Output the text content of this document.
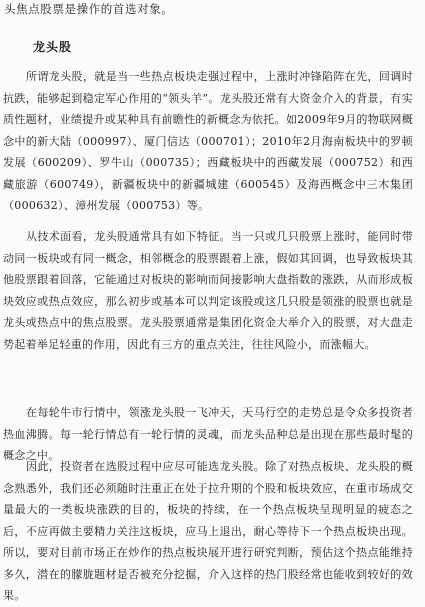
头焦点股票是操作的首选对象。
龙头股

所谓龙头股，就是当一些热点板块走强过程中，上涨时冲锋陷阵在先，回调时抗跌，能够起到稳定军心作用的“领头羊”。龙头股还常有大资金介入的背景，有实质性题材，业绩提升或某种具有前瞻性的新概念为依托。如2009年9月的物联网概念中的新大陆（000997）、厦门信达（000701）；2010年2月海南板块中的罗顿发展（600209）、罗牛山（000735）；西藏板块中的西藏发展（000752）和西藏旅游（600749），新疆板块中的新疆城建（600545）及海西概念中三木集团（000632）、漳州发展（000753）等。

从技术面看，龙头股通常具有如下特征。当一只或几只股票上涨时，能同时带动同一板块或有同一概念，相邻概念的股票跟着上涨，假如其回调，也导致板块其他股票跟着回落，它能通过对板块的影响而间接影响大盘指数的涨跌，从而形成板块效应或热点效应，那么初步或基本可以判定该股或这几只股是领涨的股票也就是龙头或热点中的焦点股票。龙头股票通常是集团化资金大举介入的股票，对大盘走势起着举足轻重的作用，因此有三方的重点关注，往往风险小，而涨幅大。

在每轮牛市行情中，领涨龙头股一飞冲天，天马行空的走势总是令众多投资者热血沸腾。每一轮行情总有一轮行情的灵魂，而龙头品种总是出现在那些最时髦的概念之中。

因此，投资者在选股过程中应尽可能选龙头股。除了对热点板块、龙头股的概念熟悉外，我们还必须随时注重正在处于拉升期的个股和板块效应，在重市场成交量最大的一类板块涨跌的目的，板块的持续，在一个热点板块呈现明显的疲态之后，不应再做主要精力关注这板块，应马上退出，耐心等待下一个热点板块出现。所以，要对目前市场正在炒作的热点板块展开进行研究判断，预估这个热点能维持多久，潜在的朦胧题材是否被充分挖掘，介入这样的热门股经常也能收到较好的效果。
